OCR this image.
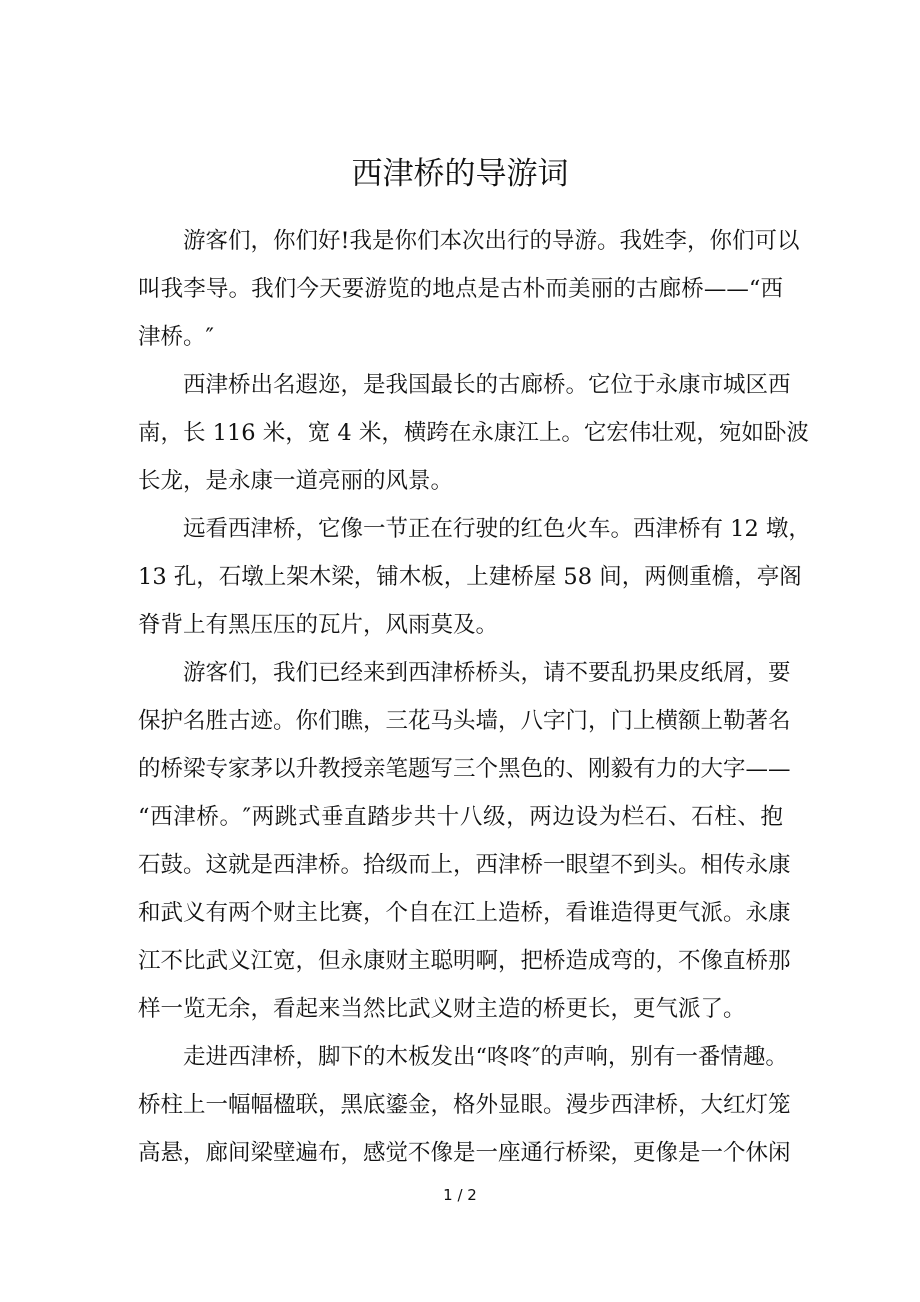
西津桥的导游词
游客们，你们好!我是你们本次出行的导游。我姓李，你们可以
叫我李导。我们今天要游览的地点是古朴而美丽的古廊桥——“西
津桥。″
西津桥出名遐迩，是我国最长的古廊桥。它位于永康市城区西
南，长 116 米，宽 4 米，横跨在永康江上。它宏伟壮观，宛如卧波
长龙，是永康一道亮丽的风景。
远看西津桥，它像一节正在行驶的红色火车。西津桥有 12 墩，
13 孔，石墩上架木梁，铺木板，上建桥屋 58 间，两侧重檐，亭阁
脊背上有黑压压的瓦片，风雨莫及。
游客们，我们已经来到西津桥桥头，请不要乱扔果皮纸屑，要
保护名胜古迹。你们瞧，三花马头墙，八字门，门上横额上勒著名
的桥梁专家茅以升教授亲笔题写三个黑色的、刚毅有力的大字——
“西津桥。″两跳式垂直踏步共十八级，两边设为栏石、石柱、抱
石鼓。这就是西津桥。拾级而上，西津桥一眼望不到头。相传永康
和武义有两个财主比赛，个自在江上造桥，看谁造得更气派。永康
江不比武义江宽，但永康财主聪明啊，把桥造成弯的，不像直桥那
样一览无余，看起来当然比武义财主造的桥更长，更气派了。
走进西津桥，脚下的木板发出“咚咚″的声响，别有一番情趣。
桥柱上一幅幅楹联，黑底鎏金，格外显眼。漫步西津桥，大红灯笼
高悬，廊间梁壁遍布，感觉不像是一座通行桥梁，更像是一个休闲
1 / 2
